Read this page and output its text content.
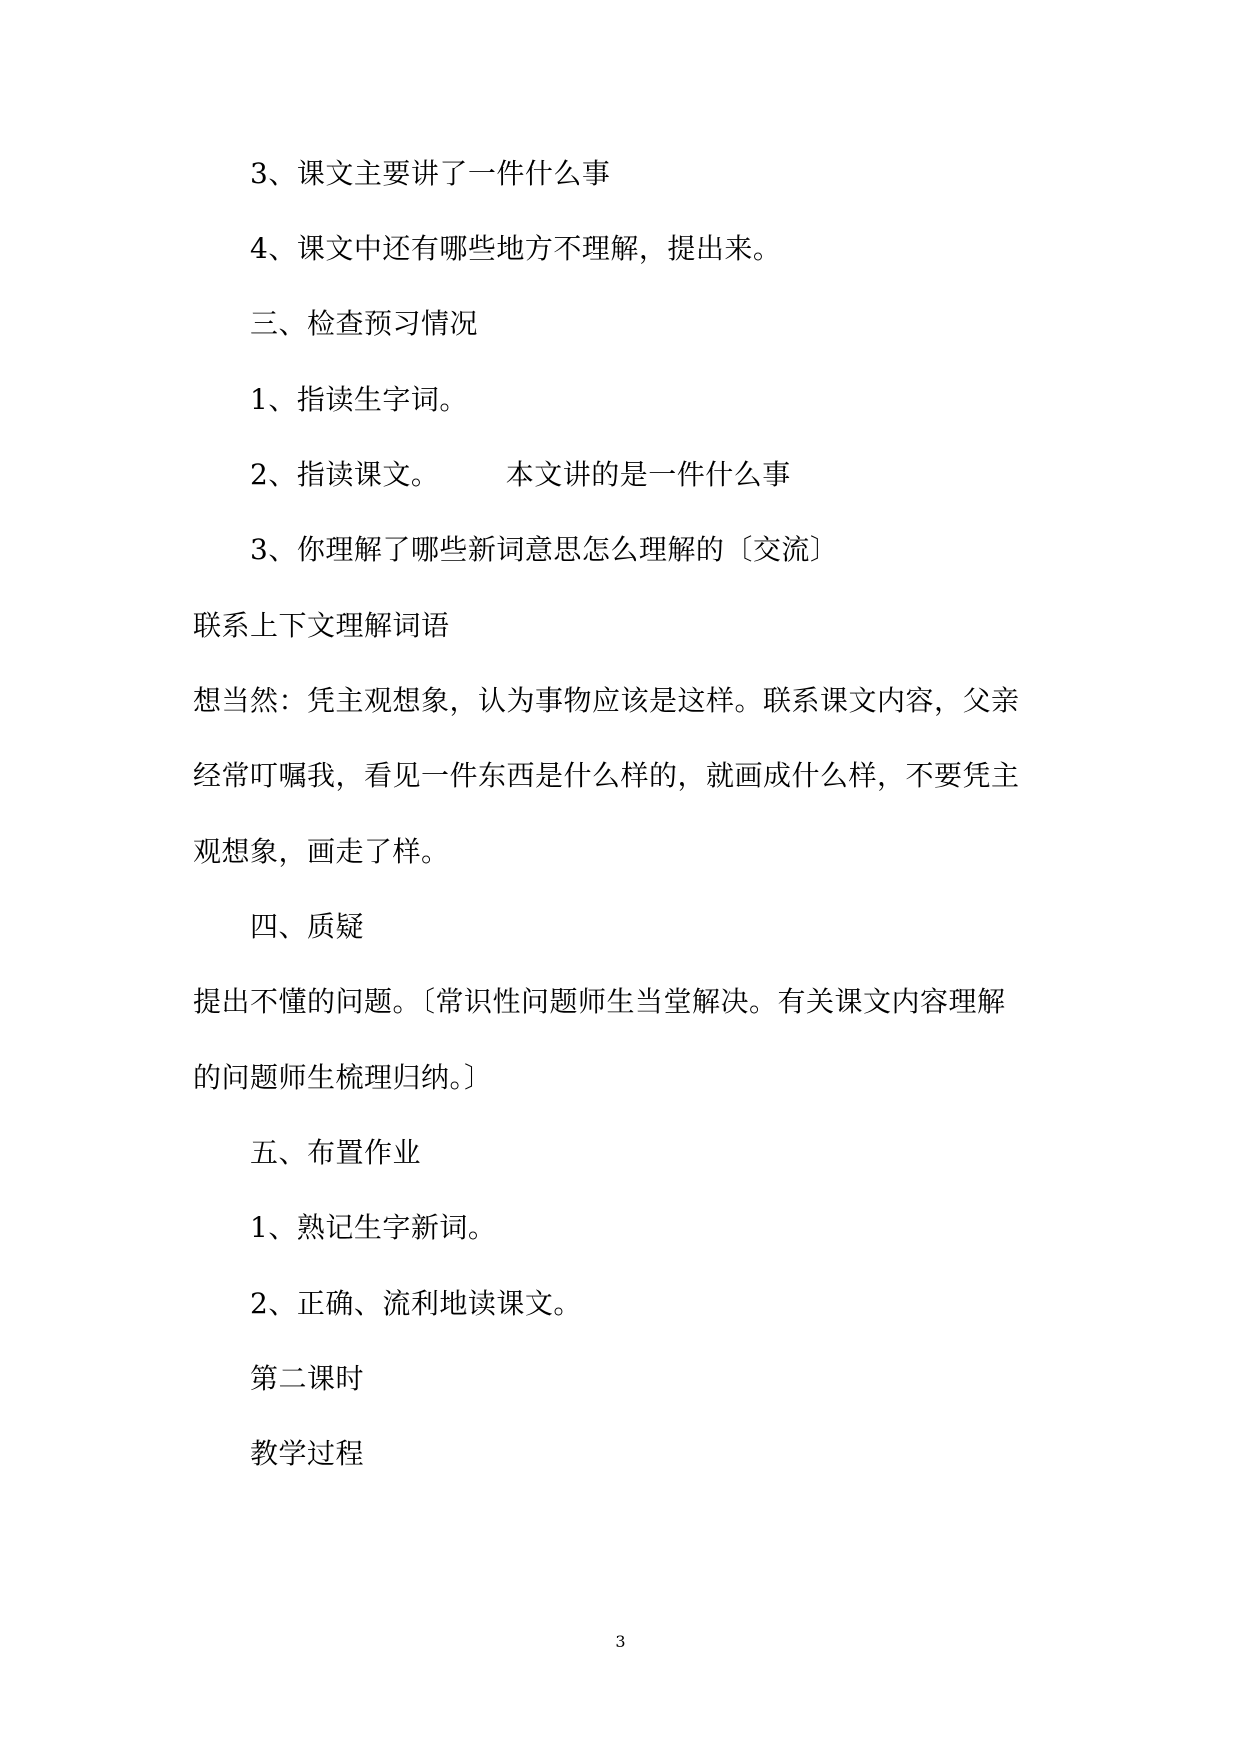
3、课文主要讲了一件什么事
4、课文中还有哪些地方不理解，提出来。
三、检查预习情况
1、指读生字词。
2、指读课文。 　　本文讲的是一件什么事
3、你理解了哪些新词意思怎么理解的〔交流〕
联系上下文理解词语
想当然：凭主观想象，认为事物应该是这样。联系课文内容，父亲
经常叮嘱我，看见一件东西是什么样的，就画成什么样，不要凭主
观想象，画走了样。
四、质疑
提出不懂的问题。〔常识性问题师生当堂解决。有关课文内容理解
的问题师生梳理归纳。〕
五、布置作业
1、熟记生字新词。
2、正确、流利地读课文。
第二课时
教学过程
3
